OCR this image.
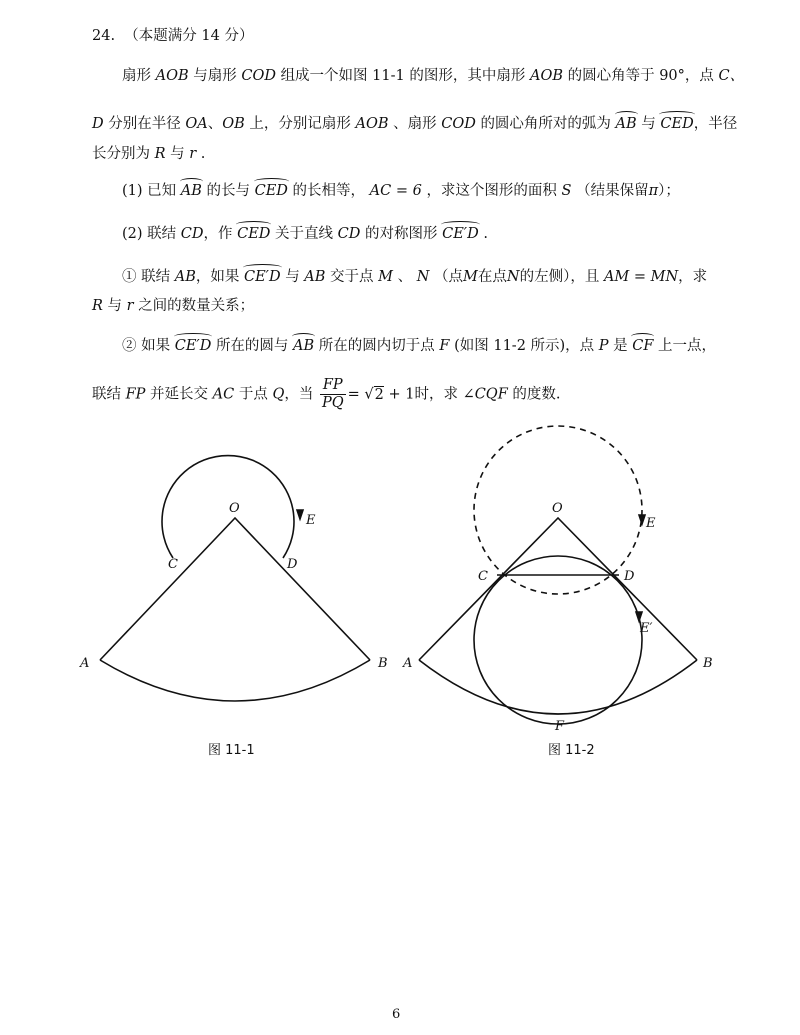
24. （本题满分 14 分）
扇形 AOB 与扇形 COD 组成一个如图 11-1 的图形，其中扇形 AOB 的圆心角等于 90°，点 C、
D 分别在半径 OA、OB 上，分别记扇形 AOB 、扇形 COD 的圆心角所对的弧为 AB 与 CED，半径
长分别为 R 与 r .
(1) 已知 AB 的长与 CED 的长相等， AC = 6 ，求这个图形的面积 S （结果保留π）；
(2) 联结 CD，作 CED 关于直线 CD 的对称图形 CE′D .
① 联结 AB，如果 CE′D 与 AB 交于点 M 、 N （点M在点N的左侧），且 AM = MN，求
R 与 r 之间的数量关系；
② 如果 CE′D 所在的圆与 AB 所在的圆内切于点 F (如图 11-2 所示)，点 P 是 CF 上一点，
联结 FP 并延长交 AC 于点 Q，当 $\frac{FP}{PQ} = √2 + 1$时，求 ∠CQF 的度数.
O
E
C	D
A	B
图 11-1
O
E
C	D
E′
A	B
F
图 11-2
6
